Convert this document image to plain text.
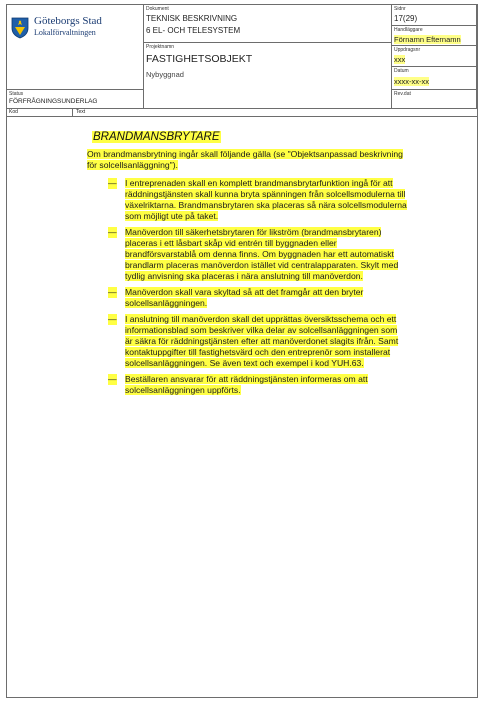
Göteborgs Stad
Lokalförvaltningen
Dokument
TEKNISK BESKRIVNING
6 EL- OCH TELESYSTEM
Projektnamn
FASTIGHETSOBJEKT
Nybyggnad
Sidnr
17(29)
Handläggare
Förnamn Efternamn
Uppdragsnr
xxx
Datum
xxxx-xx-xx
Rev.dat
Status
FÖRFRÅGNINGSUNDERLAG
Kod	Text
BRANDMANSBRYTARE

Om brandmansbrytning ingår skall följande gälla (se "Objektsanpassad beskrivning för solcellsanläggning").

— I entreprenaden skall en komplett brandmansbrytarfunktion ingå för att räddningstjänsten skall kunna bryta spänningen från solcellsmodulerna till växelriktarna. Brandmansbrytaren ska placeras så nära solcellsmodulerna som möjligt ute på taket.
— Manöverdon till säkerhetsbrytaren för likström (brandmansbrytaren) placeras i ett låsbart skåp vid entrén till byggnaden eller brandförsvarstablå om denna finns. Om byggnaden har ett automatiskt brandlarm placeras manöverdon istället vid centralapparaten. Skylt med tydlig anvisning ska placeras i nära anslutning till manöverdon.
— Manöverdon skall vara skyltad så att det framgår att den bryter solcellsanläggningen.
— I anslutning till manöverdon skall det upprättas översiktsschema och ett informationsblad som beskriver vilka delar av solcellsanläggningen som är säkra för räddningstjänsten efter att manöverdonet slagits ifrån. Samt kontaktuppgifter till fastighetsvärd och den entreprenör som installerat solcellsanläggningen. Se även text och exempel i kod YUH.63.
— Beställaren ansvarar för att räddningstjänsten informeras om att solcellsanläggningen uppförts.
